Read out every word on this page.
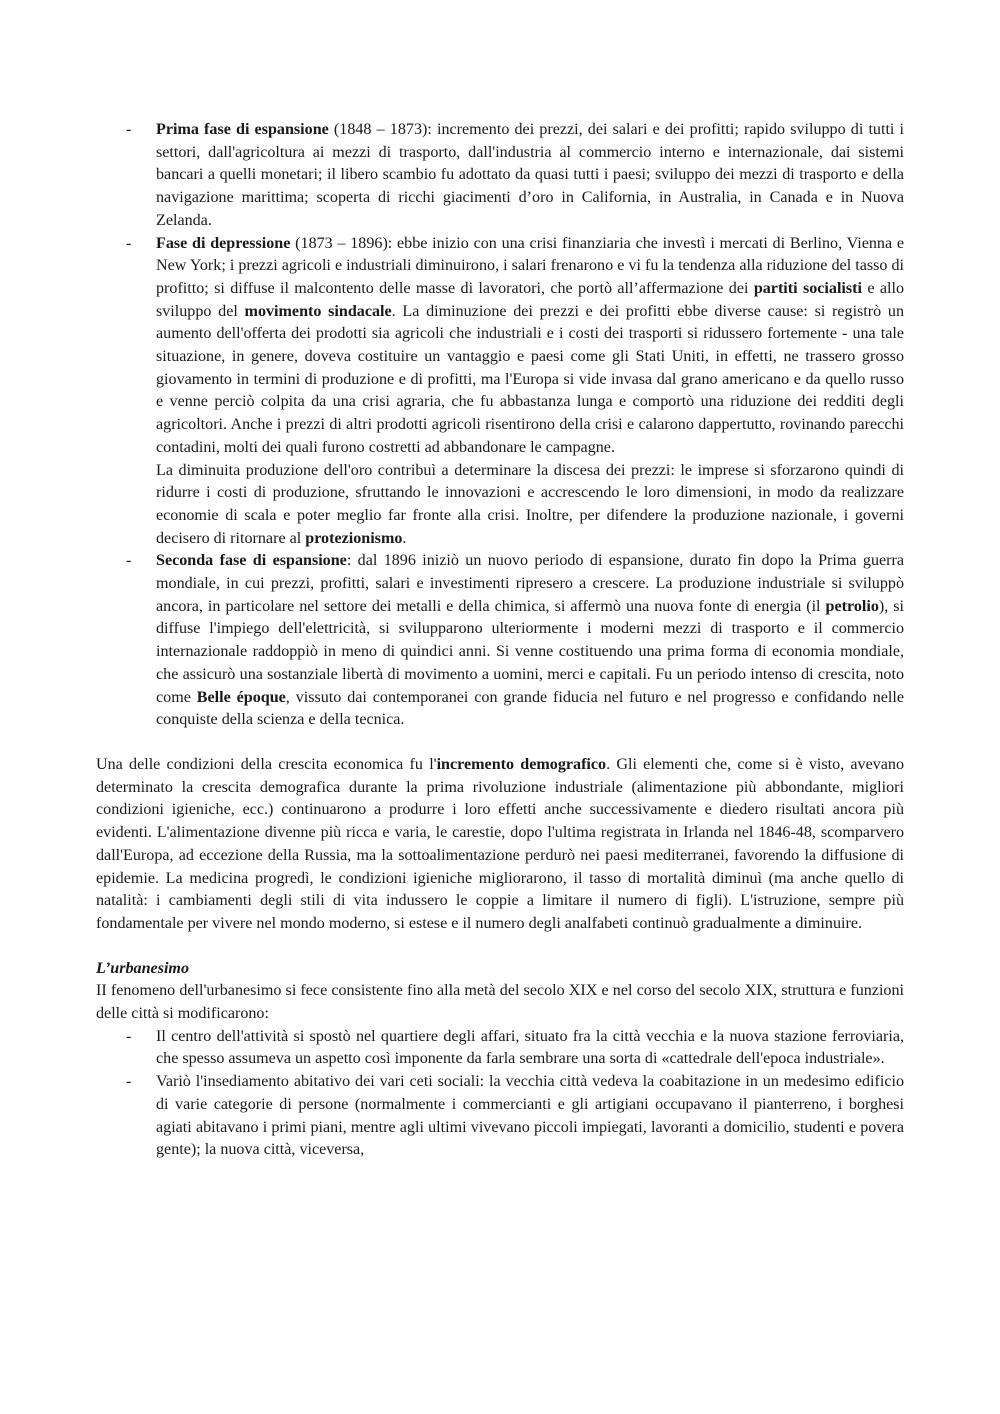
- Prima fase di espansione (1848 – 1873): incremento dei prezzi, dei salari e dei profitti; rapido sviluppo di tutti i settori, dall'agricoltura ai mezzi di trasporto, dall'industria al commercio interno e internazionale, dai sistemi bancari a quelli monetari; il libero scambio fu adottato da quasi tutti i paesi; sviluppo dei mezzi di trasporto e della navigazione marittima; scoperta di ricchi giacimenti d’oro in California, in Australia, in Canada e in Nuova Zelanda.

- Fase di depressione (1873 – 1896): ebbe inizio con una crisi finanziaria che investì i mercati di Berlino, Vienna e New York; i prezzi agricoli e industriali diminuirono, i salari frenarono e vi fu la tendenza alla riduzione del tasso di profitto; si diffuse il malcontento delle masse di lavoratori, che portò all’affermazione dei partiti socialisti e allo sviluppo del movimento sindacale. La diminuzione dei prezzi e dei profitti ebbe diverse cause: si registrò un aumento dell'offerta dei prodotti sia agricoli che industriali e i costi dei trasporti si ridussero fortemente - una tale situazione, in genere, doveva costituire un vantaggio e paesi come gli Stati Uniti, in effetti, ne trassero grosso giovamento in termini di produzione e di profitti, ma l'Europa si vide invasa dal grano americano e da quello russo e venne perciò colpita da una crisi agraria, che fu abbastanza lunga e comportò una riduzione dei redditi degli agricoltori. Anche i prezzi di altri prodotti agricoli risentirono della crisi e calarono dappertutto, rovinando parecchi contadini, molti dei quali furono costretti ad abbandonare le campagne.

La diminuita produzione dell'oro contribuì a determinare la discesa dei prezzi: le imprese si sforzarono quindi di ridurre i costi di produzione, sfruttando le innovazioni e accrescendo le loro dimensioni, in modo da realizzare economie di scala e poter meglio far fronte alla crisi. Inoltre, per difendere la produzione nazionale, i governi decisero di ritornare al protezionismo.

- Seconda fase di espansione: dal 1896 iniziò un nuovo periodo di espansione, durato fin dopo la Prima guerra mondiale, in cui prezzi, profitti, salari e investimenti ripresero a crescere. La produzione industriale si sviluppò ancora, in particolare nel settore dei metalli e della chimica, si affermò una nuova fonte di energia (il petrolio), si diffuse l'impiego dell'elettricità, si svilupparono ulteriormente i moderni mezzi di trasporto e il commercio internazionale raddoppiò in meno di quindici anni. Si venne costituendo una prima forma di economia mondiale, che assicurò una sostanziale libertà di movimento a uomini, merci e capitali. Fu un periodo intenso di crescita, noto come Belle époque, vissuto dai contemporanei con grande fiducia nel futuro e nel progresso e confidando nelle conquiste della scienza e della tecnica.

Una delle condizioni della crescita economica fu l'incremento demografico. Gli elementi che, come si è visto, avevano determinato la crescita demografica durante la prima rivoluzione industriale (alimentazione più abbondante, migliori condizioni igieniche, ecc.) continuarono a produrre i loro effetti anche successivamente e diedero risultati ancora più evidenti. L'alimentazione divenne più ricca e varia, le carestie, dopo l'ultima registrata in Irlanda nel 1846-48, scomparvero dall'Europa, ad eccezione della Russia, ma la sottoalimentazione perdurò nei paesi mediterranei, favorendo la diffusione di epidemie. La medicina progredì, le condizioni igieniche migliorarono, il tasso di mortalità diminuì (ma anche quello di natalità: i cambiamenti degli stili di vita indussero le coppie a limitare il numero di figli). L'istruzione, sempre più fondamentale per vivere nel mondo moderno, si estese e il numero degli analfabeti continuò gradualmente a diminuire.

L’urbanesimo

II fenomeno dell'urbanesimo si fece consistente fino alla metà del secolo XIX e nel corso del secolo XIX, struttura e funzioni delle città si modificarono:

- Il centro dell'attività si spostò nel quartiere degli affari, situato fra la città vecchia e la nuova stazione ferroviaria, che spesso assumeva un aspetto così imponente da farla sembrare una sorta di «cattedrale dell'epoca industriale».

- Variò l'insediamento abitativo dei vari ceti sociali: la vecchia città vedeva la coabitazione in un medesimo edificio di varie categorie di persone (normalmente i commercianti e gli artigiani occupavano il pianterreno, i borghesi agiati abitavano i primi piani, mentre agli ultimi vivevano piccoli impiegati, lavoranti a domicilio, studenti e povera gente); la nuova città, viceversa,
